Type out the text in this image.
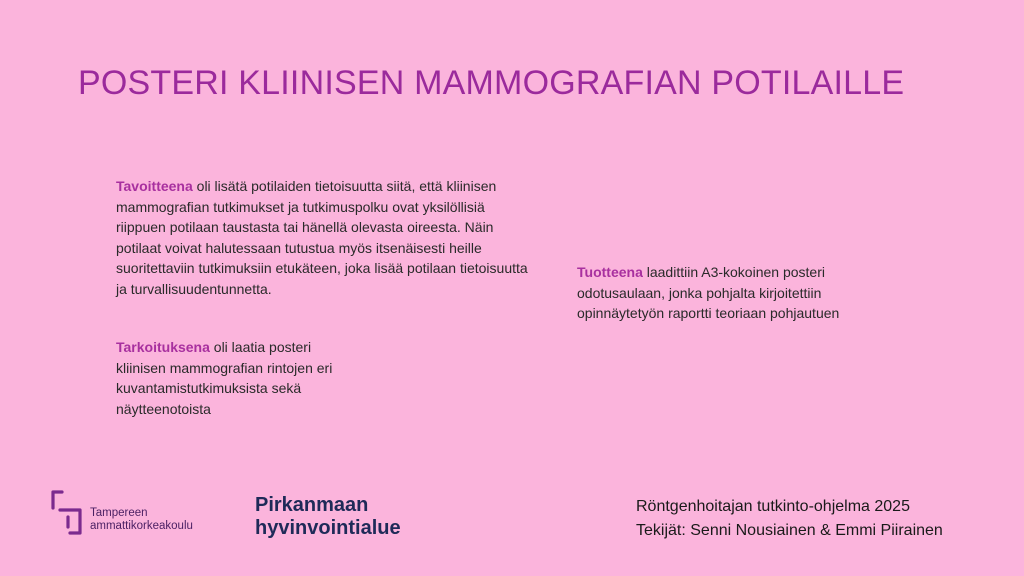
POSTERI KLIINISEN MAMMOGRAFIAN POTILAILLE
Tavoitteena oli lisätä potilaiden tietoisuutta siitä, että kliinisen mammografian tutkimukset ja tutkimuspolku ovat yksilöllisiä riippuen potilaan taustasta tai hänellä olevasta oireesta. Näin potilaat voivat halutessaan tutustua myös itsenäisesti heille suoritettaviin tutkimuksiin etukäteen, joka lisää potilaan tietoisuutta ja turvallisuudentunnetta.
Tarkoituksena oli laatia posteri kliinisen mammografian rintojen eri kuvantamistutkimuksista sekä näytteenotoista
Tuotteena laadittiin A3-kokoinen posteri odotusaulaan, jonka pohjalta kirjoitettiin opinnäytetyön raportti teoriaan pohjautuen
Tampereen
ammattikorkeakoulu
Pirkanmaan
hyvinvointialue
Röntgenhoitajan tutkinto-ohjelma 2025
Tekijät: Senni Nousiainen & Emmi Piirainen
